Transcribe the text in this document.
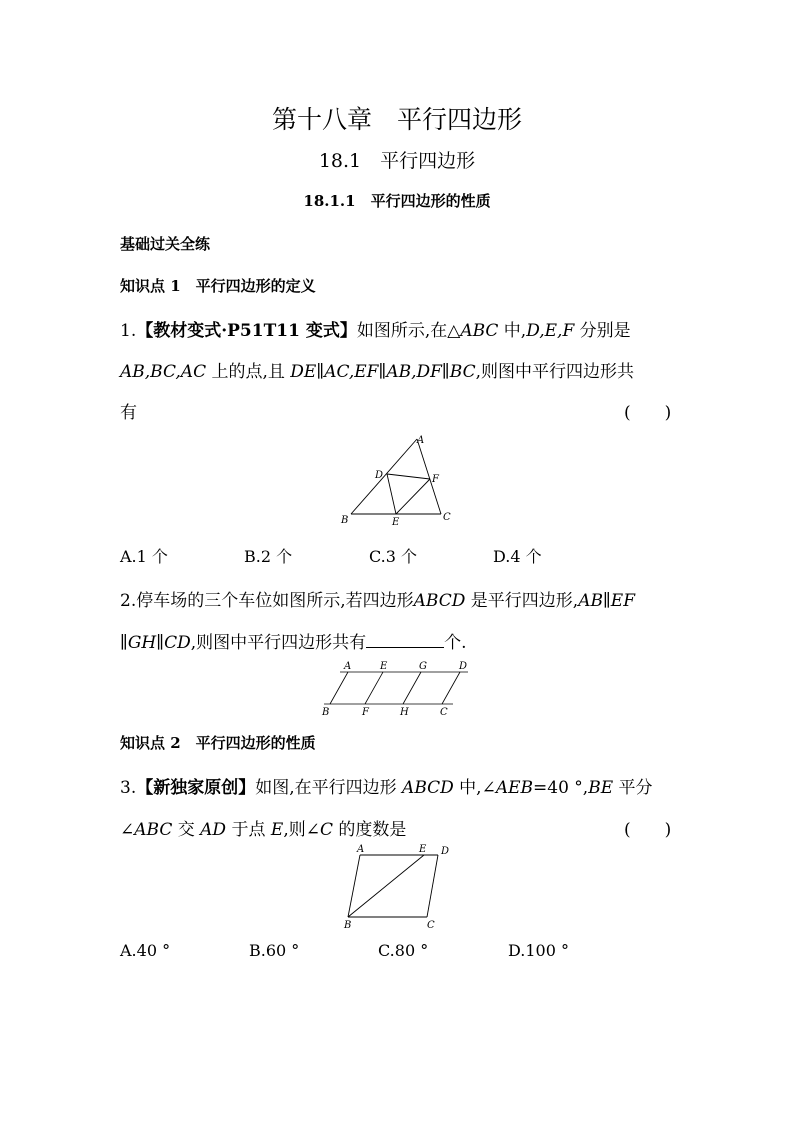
第十八章　平行四边形
18.1　平行四边形
18.1.1　平行四边形的性质
基础过关全练
知识点 1　平行四边形的定义
1.【教材变式·P51T11 变式】如图所示,在△ABC 中,D,E,F 分别是
AB,BC,AC 上的点,且 DE∥AC,EF∥AB,DF∥BC,则图中平行四边形共
有	(　　)
A
B	C
D
E
F
A.1 个	B.2 个	C.3 个	D.4 个
2.停车场的三个车位如图所示,若四边形ABCD 是平行四边形,AB∥EF
∥GH∥CD,则图中平行四边形共有	个.
A	E	G	D
B	F	H	C
知识点 2　平行四边形的性质
3.【新独家原创】如图,在平行四边形 ABCD 中,∠AEB=40 °,BE 平分
∠ABC 交 AD 于点 E,则∠C 的度数是	(　　)
A	E D
B	C
A.40 °	B.60 °	C.80 °	D.100 °
